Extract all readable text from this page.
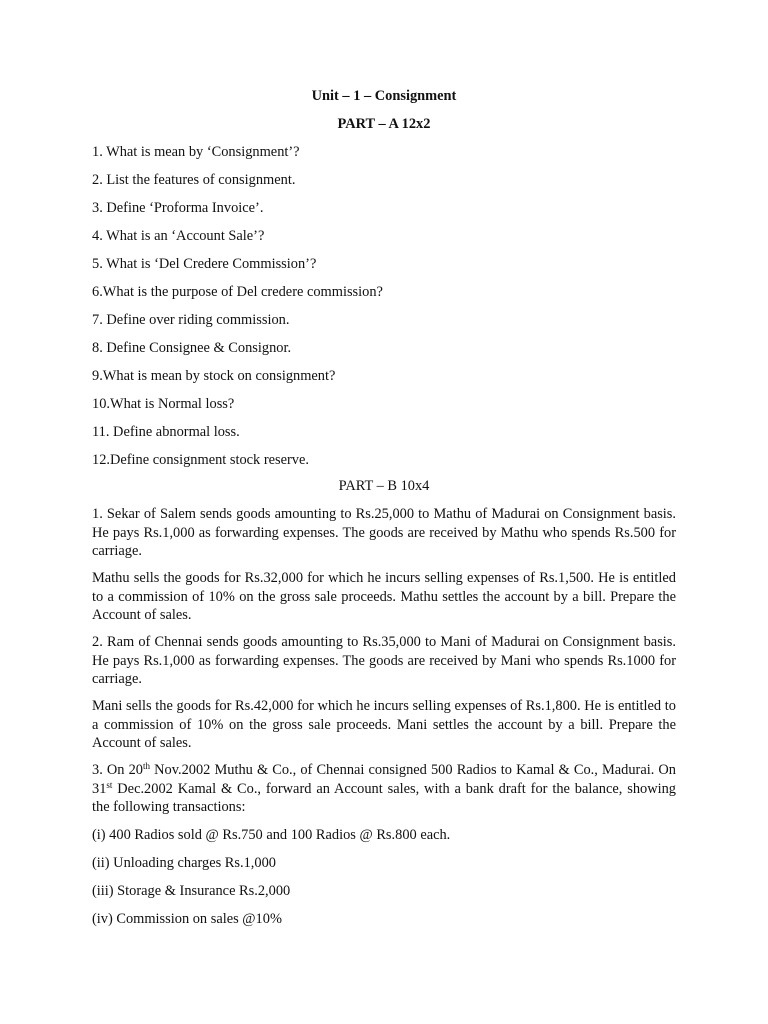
Unit – 1 – Consignment
PART – A 12x2
1. What is mean by ‘Consignment’?
2. List the features of consignment.
3. Define ‘Proforma Invoice’.
4. What is an ‘Account Sale’?
5. What is ‘Del Credere Commission’?
6.What is the purpose of Del credere commission?
7. Define over riding commission.
8. Define Consignee & Consignor.
9.What is mean by stock on consignment?
10.What is Normal loss?
11. Define abnormal loss.
12.Define consignment stock reserve.
PART – B 10x4
1. Sekar of Salem sends goods amounting to Rs.25,000 to Mathu of Madurai on Consignment basis. He pays Rs.1,000 as forwarding expenses. The goods are received by Mathu who spends Rs.500 for carriage.
Mathu sells the goods for Rs.32,000 for which he incurs selling expenses of Rs.1,500. He is entitled to a commission of 10% on the gross sale proceeds. Mathu settles the account by a bill. Prepare the Account of sales.
2. Ram of Chennai sends goods amounting to Rs.35,000 to Mani of Madurai on Consignment basis. He pays Rs.1,000 as forwarding expenses. The goods are received by Mani who spends Rs.1000 for carriage.
Mani sells the goods for Rs.42,000 for which he incurs selling expenses of Rs.1,800. He is entitled to a commission of 10% on the gross sale proceeds. Mani settles the account by a bill. Prepare the Account of sales.
3. On 20th Nov.2002 Muthu & Co., of Chennai consigned 500 Radios to Kamal & Co., Madurai. On 31st Dec.2002 Kamal & Co., forward an Account sales, with a bank draft for the balance, showing the following transactions:
(i) 400 Radios sold @ Rs.750 and 100 Radios @ Rs.800 each.
(ii) Unloading charges Rs.1,000
(iii) Storage & Insurance Rs.2,000
(iv) Commission on sales @10%
